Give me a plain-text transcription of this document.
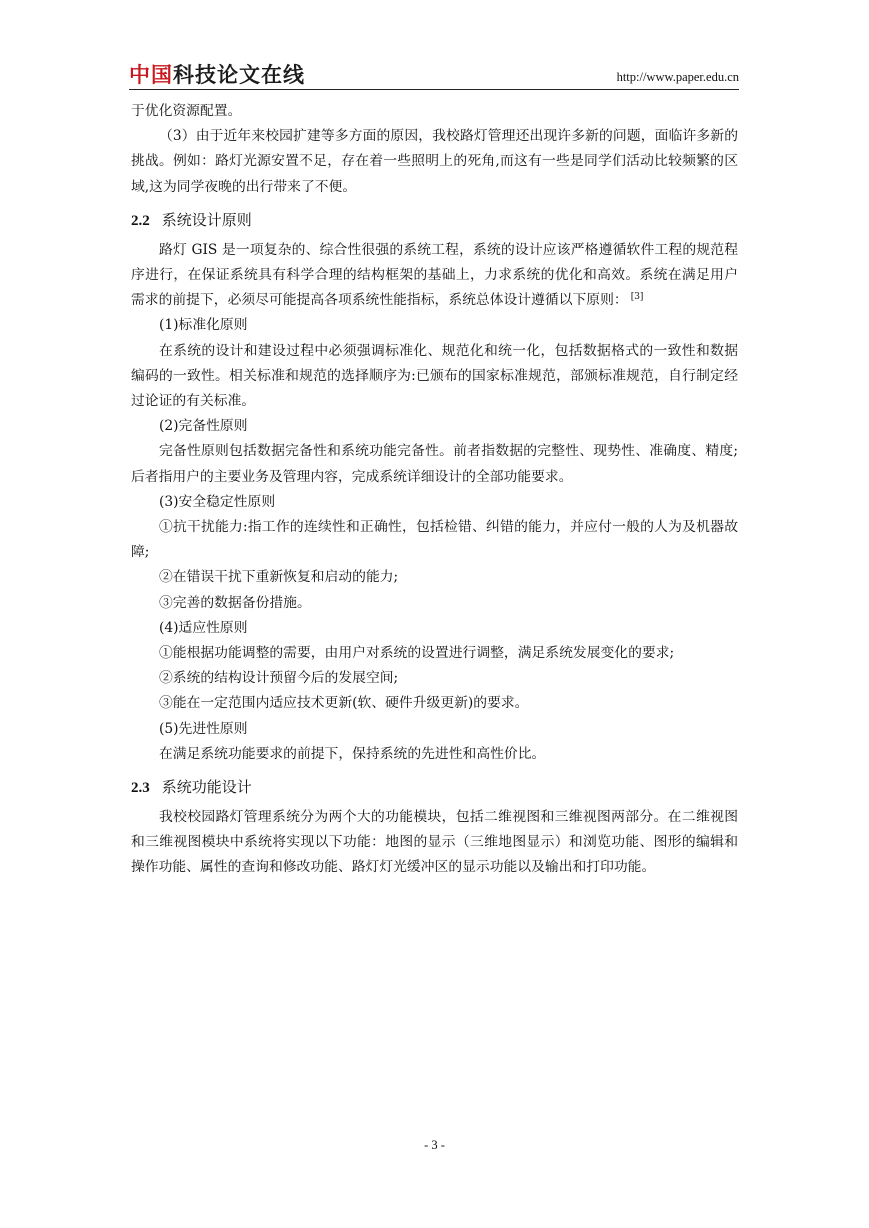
中国科技论文在线	http://www.paper.edu.cn

于优化资源配置。

（3）由于近年来校园扩建等多方面的原因，我校路灯管理还出现许多新的问题，面临许多新的挑战。例如：路灯光源安置不足，存在着一些照明上的死角,而这有一些是同学们活动比较频繁的区域,这为同学夜晚的出行带来了不便。

2.2 系统设计原则

路灯 GIS 是一项复杂的、综合性很强的系统工程，系统的设计应该严格遵循软件工程的规范程序进行，在保证系统具有科学合理的结构框架的基础上，力求系统的优化和高效。系统在满足用户需求的前提下，必须尽可能提高各项系统性能指标，系统总体设计遵循以下原则： [3]

(1)标准化原则

在系统的设计和建设过程中必须强调标准化、规范化和统一化，包括数据格式的一致性和数据编码的一致性。相关标准和规范的选择顺序为:已颁布的国家标准规范，部颁标准规范，自行制定经过论证的有关标准。

(2)完备性原则

完备性原则包括数据完备性和系统功能完备性。前者指数据的完整性、现势性、准确度、精度;后者指用户的主要业务及管理内容，完成系统详细设计的全部功能要求。

(3)安全稳定性原则

①抗干扰能力:指工作的连续性和正确性，包括检错、纠错的能力，并应付一般的人为及机器故障;

②在错误干扰下重新恢复和启动的能力;

③完善的数据备份措施。

(4)适应性原则

①能根据功能调整的需要，由用户对系统的设置进行调整，满足系统发展变化的要求;

②系统的结构设计预留今后的发展空间;

③能在一定范围内适应技术更新(软、硬件升级更新)的要求。

(5)先进性原则

在满足系统功能要求的前提下，保持系统的先进性和高性价比。

2.3 系统功能设计

我校校园路灯管理系统分为两个大的功能模块，包括二维视图和三维视图两部分。在二维视图和三维视图模块中系统将实现以下功能：地图的显示（三维地图显示）和浏览功能、图形的编辑和操作功能、属性的查询和修改功能、路灯灯光缓冲区的显示功能以及输出和打印功能。

- 3 -
